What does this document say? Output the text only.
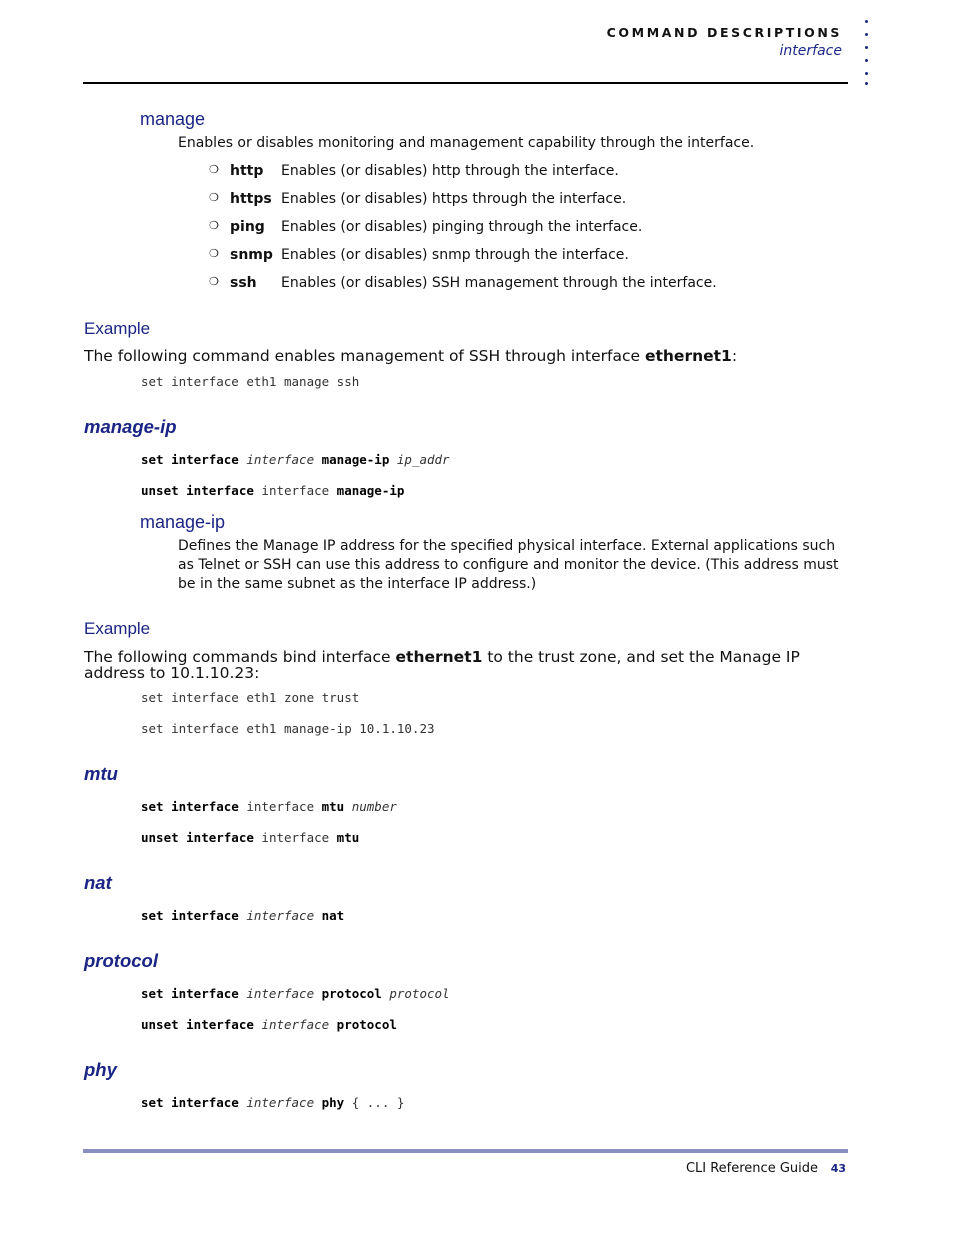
COMMAND DESCRIPTIONS
interface
manage
Enables or disables monitoring and management capability through the interface.
❍ http Enables (or disables) http through the interface.
❍ https Enables (or disables) https through the interface.
❍ ping Enables (or disables) pinging through the interface.
❍ snmp Enables (or disables) snmp through the interface.
❍ ssh Enables (or disables) SSH management through the interface.
Example
The following command enables management of SSH through interface ethernet1:
set interface eth1 manage ssh
manage-ip
set interface interface manage-ip ip_addr
unset interface interface manage-ip
manage-ip
Defines the Manage IP address for the specified physical interface. External applications such as Telnet or SSH can use this address to configure and monitor the device. (This address must be in the same subnet as the interface IP address.)
Example
The following commands bind interface ethernet1 to the trust zone, and set the Manage IP address to 10.1.10.23:
set interface eth1 zone trust
set interface eth1 manage-ip 10.1.10.23
mtu
set interface interface mtu number
unset interface interface mtu
nat
set interface interface nat
protocol
set interface interface protocol protocol
unset interface interface protocol
phy
set interface interface phy { ... }
CLI Reference Guide 43
